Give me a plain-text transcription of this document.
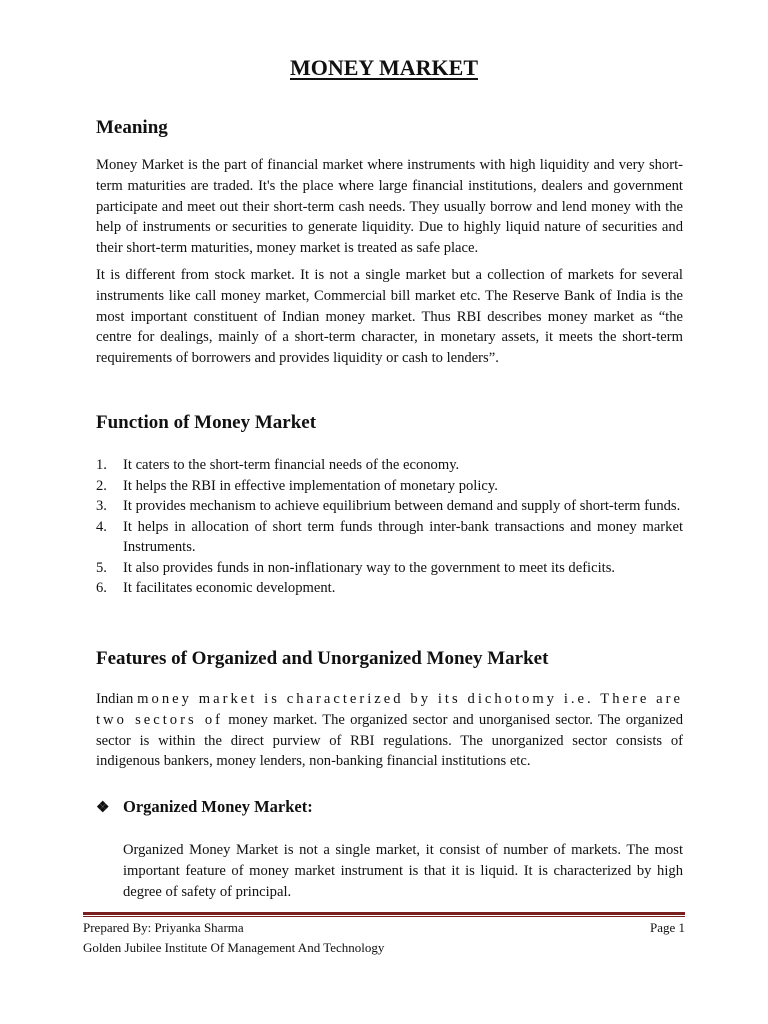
MONEY MARKET
Meaning

Money Market is the part of financial market where instruments with high liquidity and very short-term maturities are traded. It's the place where large financial institutions, dealers and government participate and meet out their short-term cash needs. They usually borrow and lend money with the help of instruments or securities to generate liquidity. Due to highly liquid nature of securities and their short-term maturities, money market is treated as safe place.

It is different from stock market. It is not a single market but a collection of markets for several instruments like call money market, Commercial bill market etc. The Reserve Bank of India is the most important constituent of Indian money market. Thus RBI describes money market as “the centre for dealings, mainly of a short-term character, in monetary assets, it meets the short-term requirements of borrowers and provides liquidity or cash to lenders”.

Function of Money Market
1. It caters to the short-term financial needs of the economy.
2. It helps the RBI in effective implementation of monetary policy.
3. It provides mechanism to achieve equilibrium between demand and supply of short-term funds.
4. It helps in allocation of short term funds through inter-bank transactions and money market Instruments.
5. It also provides funds in non-inflationary way to the government to meet its deficits.
6. It facilitates economic development.
Features of Organized and Unorganized Money Market

Indian money market is characterized by its dichotomy i.e. There are two sectors of money market. The organized sector and unorganised sector. The organized sector is within the direct purview of RBI regulations. The unorganized sector consists of indigenous bankers, money lenders, non-banking financial institutions etc.

❖ Organized Money Market:

Organized Money Market is not a single market, it consist of number of markets. The most important feature of money market instrument is that it is liquid. It is characterized by high degree of safety of principal.

Prepared By: Priyanka Sharma	Page 1
Golden Jubilee Institute Of Management And Technology
